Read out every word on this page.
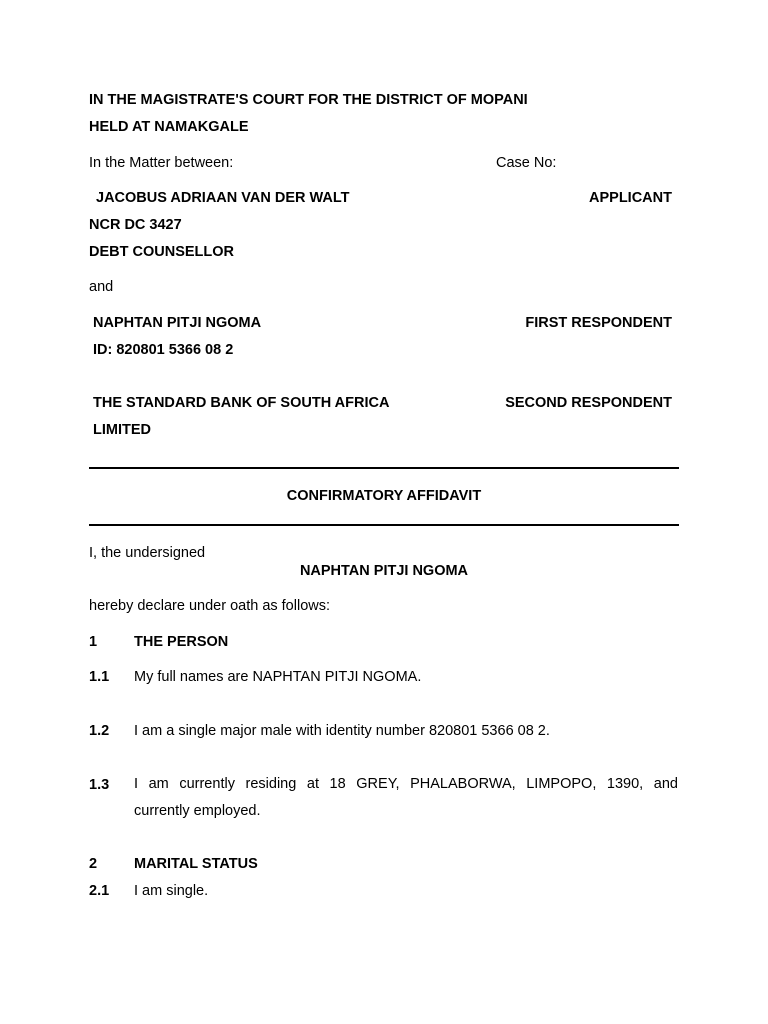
IN THE MAGISTRATE'S COURT FOR THE DISTRICT OF MOPANI
HELD AT NAMAKGALE
In the Matter between:	Case No:
JACOBUS ADRIAAN VAN DER WALT	APPLICANT
NCR DC 3427
DEBT COUNSELLOR
and
NAPHTAN PITJI NGOMA	FIRST RESPONDENT
ID: 820801 5366 08 2
THE STANDARD BANK OF SOUTH AFRICA	SECOND RESPONDENT
LIMITED
CONFIRMATORY AFFIDAVIT
I, the undersigned
NAPHTAN PITJI NGOMA
hereby declare under oath as follows:
1	THE PERSON
1.1 My full names are NAPHTAN PITJI NGOMA.
1.2 I am a single major male with identity number 820801 5366 08 2.
1.3 I am currently residing at 18 GREY, PHALABORWA, LIMPOPO, 1390, and
currently employed.
2	MARITAL STATUS
2.1 I am single.
